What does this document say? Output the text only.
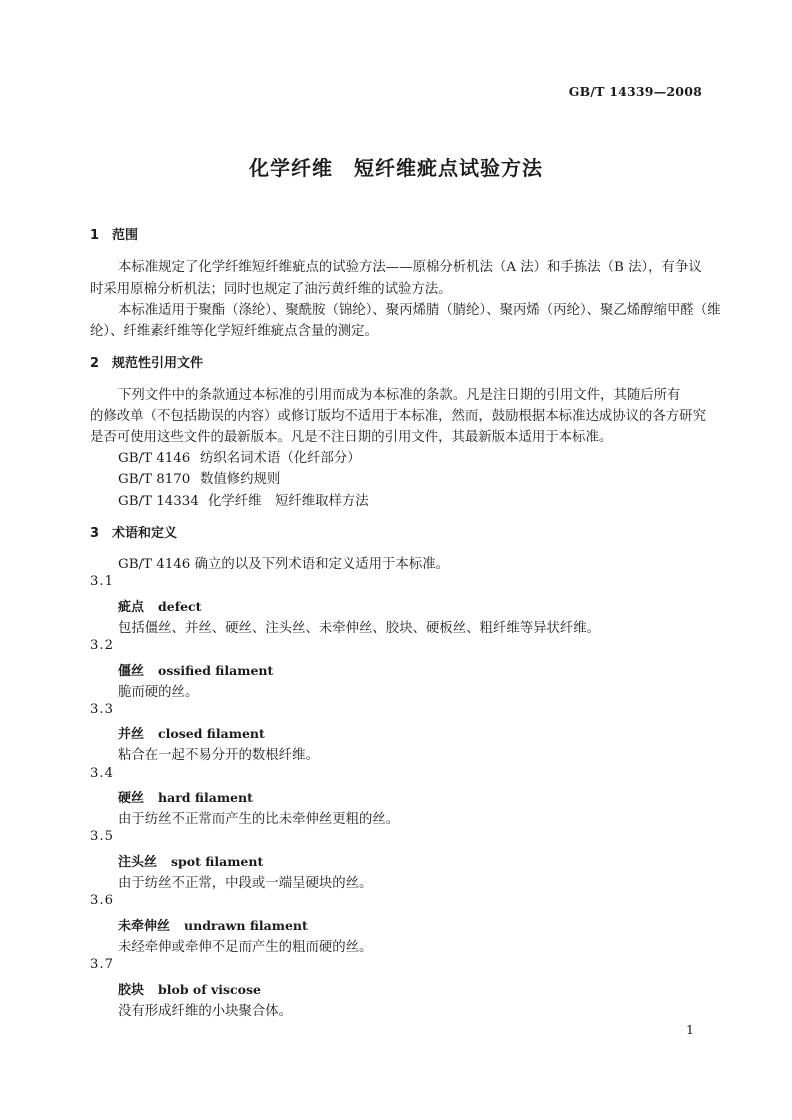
GB/T 14339—2008
化学纤维　短纤维疵点试验方法
1 范围
本标准规定了化学纤维短纤维疵点的试验方法——原棉分析机法（A 法）和手拣法（B 法），有争议
时采用原棉分析机法；同时也规定了油污黄纤维的试验方法。
本标准适用于聚酯（涤纶）、聚酰胺（锦纶）、聚丙烯腈（腈纶）、聚丙烯（丙纶）、聚乙烯醇缩甲醛（维
纶）、纤维素纤维等化学短纤维疵点含量的测定。
2 规范性引用文件
下列文件中的条款通过本标准的引用而成为本标准的条款。凡是注日期的引用文件，其随后所有
的修改单（不包括勘误的内容）或修订版均不适用于本标准，然而，鼓励根据本标准达成协议的各方研究
是否可使用这些文件的最新版本。凡是不注日期的引用文件，其最新版本适用于本标准。
GB/T 4146 纺织名词术语（化纤部分）
GB/T 8170 数值修约规则
GB/T 14334 化学纤维　短纤维取样方法
3 术语和定义
GB/T 4146 确立的以及下列术语和定义适用于本标准。
3.1
疵点 defect
包括僵丝、并丝、硬丝、注头丝、未牵伸丝、胶块、硬板丝、粗纤维等异状纤维。
3.2
僵丝 ossified filament
脆而硬的丝。
3.3
并丝 closed filament
粘合在一起不易分开的数根纤维。
3.4
硬丝 hard filament
由于纺丝不正常而产生的比未牵伸丝更粗的丝。
3.5
注头丝 spot filament
由于纺丝不正常，中段或一端呈硬块的丝。
3.6
未牵伸丝 undrawn filament
未经牵伸或牵伸不足而产生的粗而硬的丝。
3.7
胶块 blob of viscose
没有形成纤维的小块聚合体。
1
